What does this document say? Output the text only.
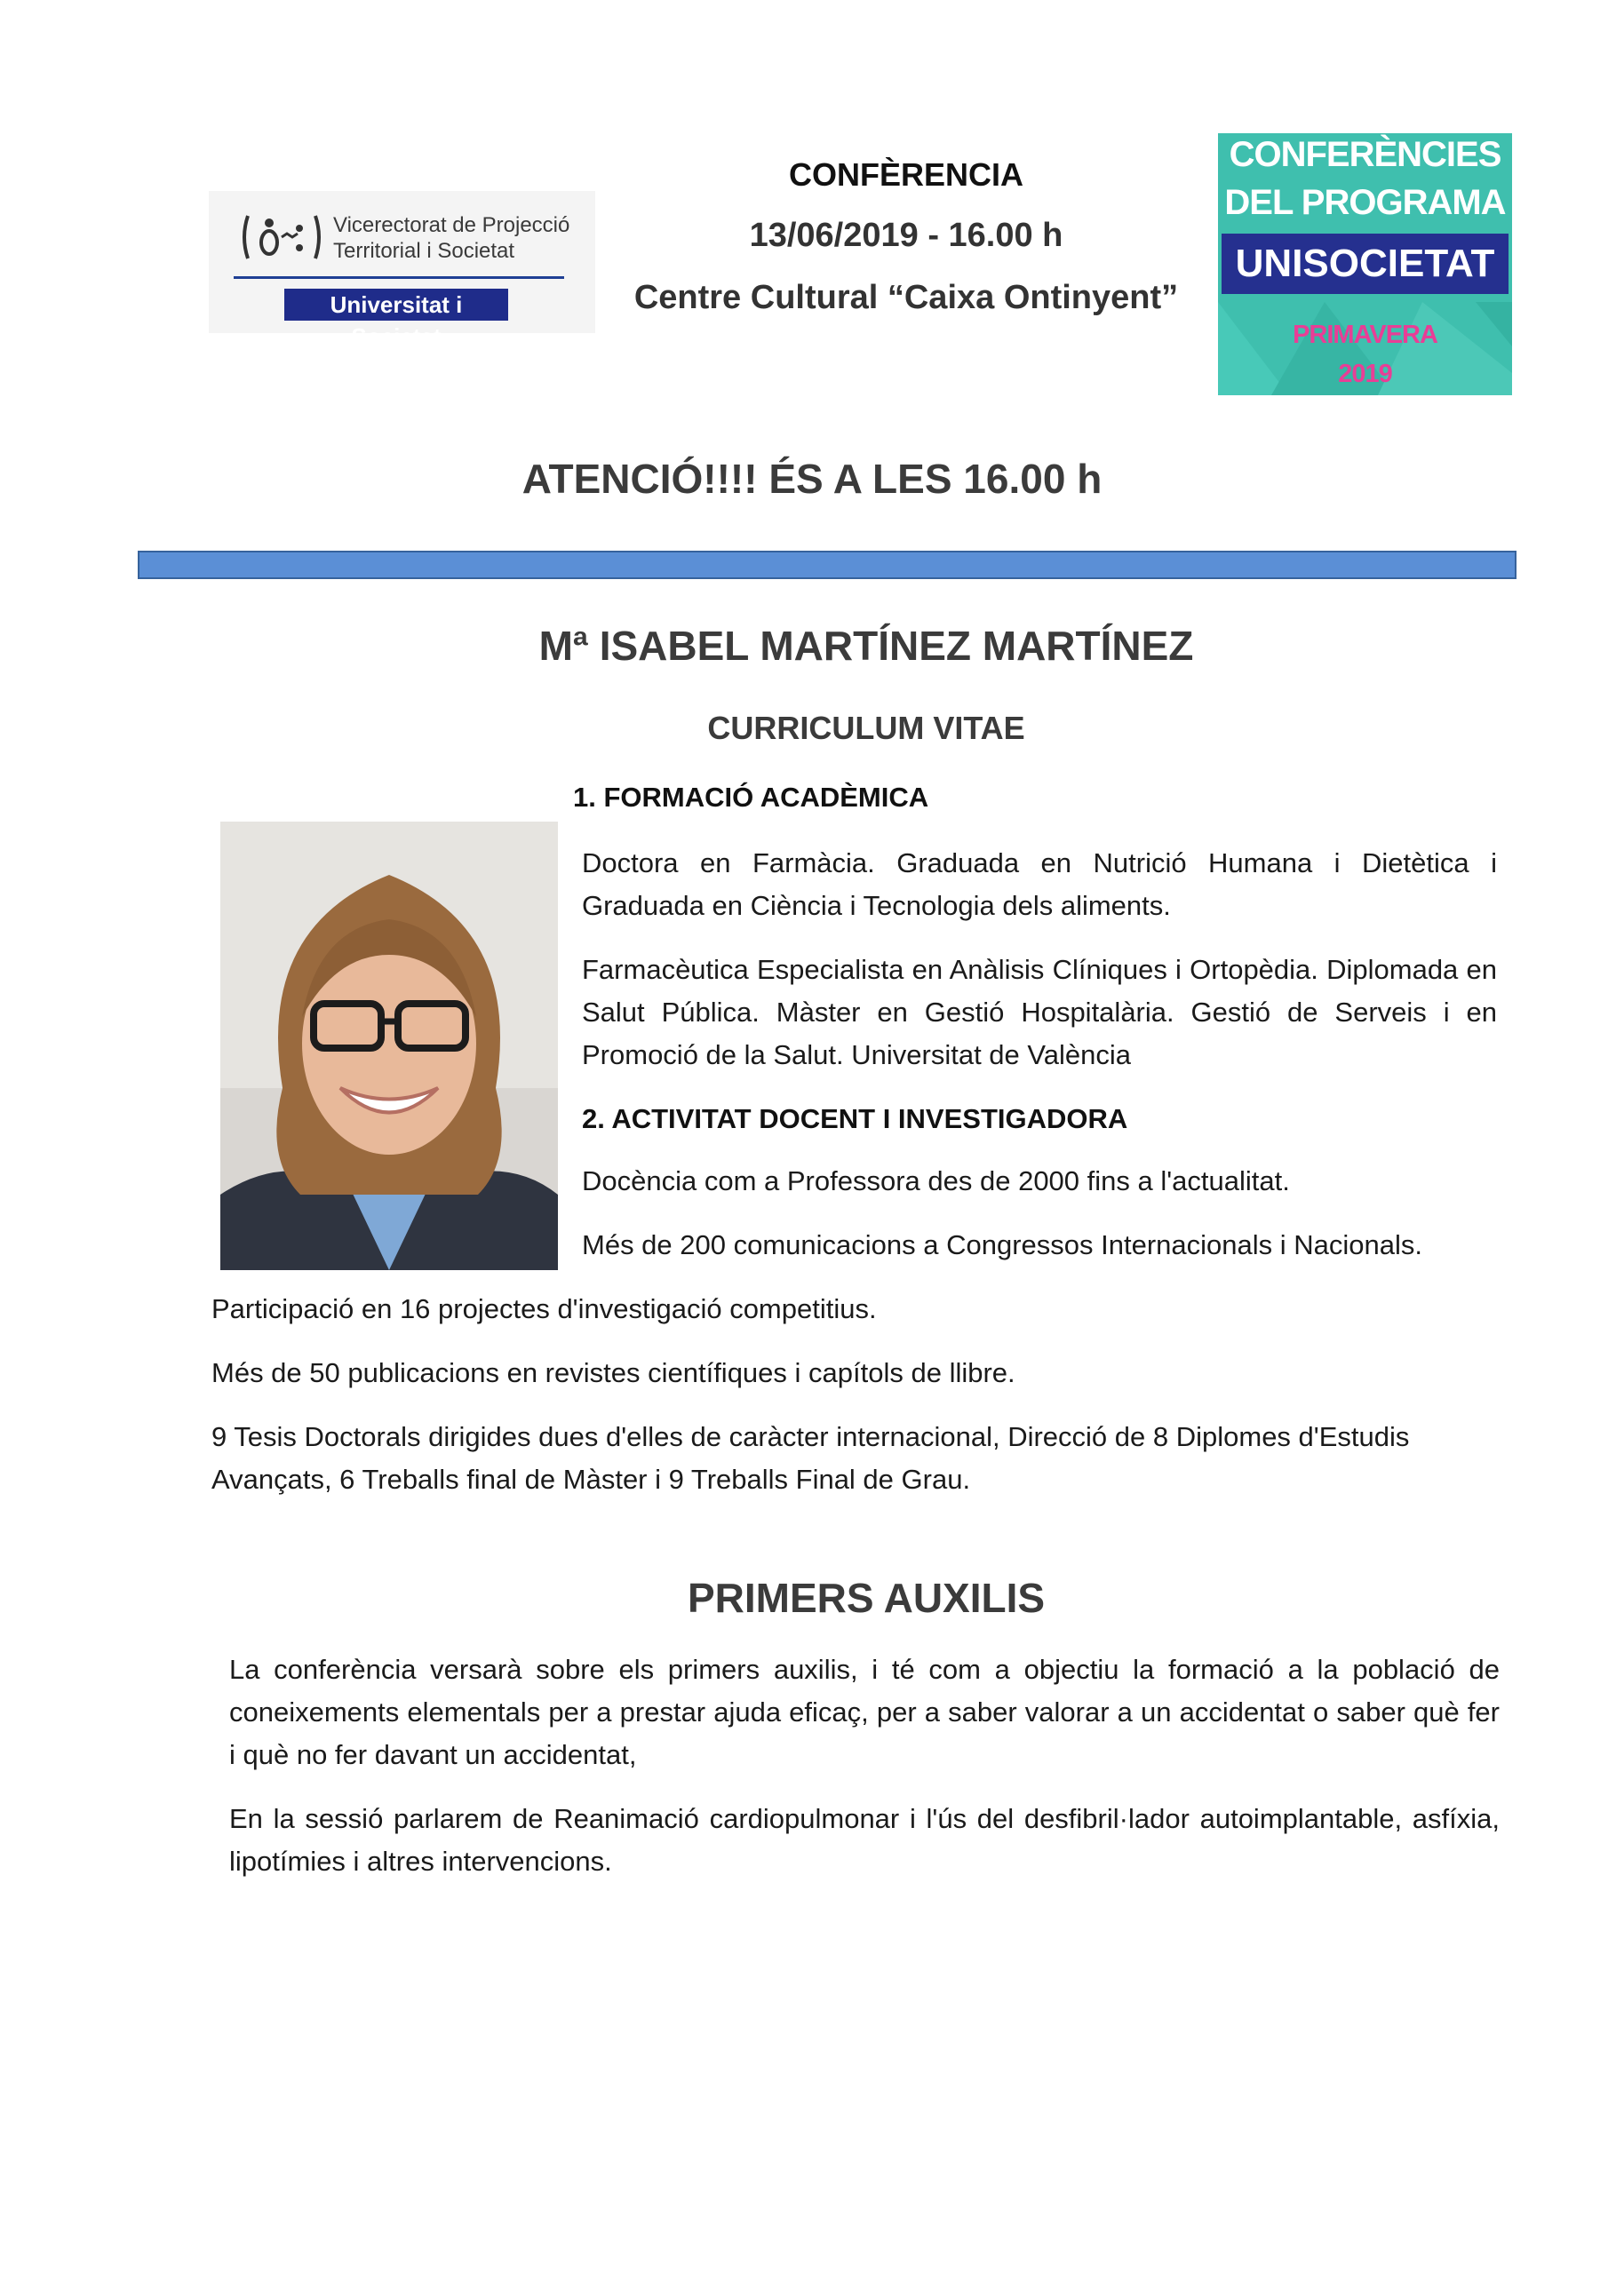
Vicerectorat de Projecció
Territorial i Societat
Universitat i Societat
CONFÈRENCIA
13/06/2019 - 16.00 h
Centre Cultural “Caixa Ontinyent”
CONFERÈNCIES
DEL PROGRAMA
UNISOCIETAT
PRIMAVERA
2019
ATENCIÓ!!!! ÉS A LES 16.00 h
Mª ISABEL MARTÍNEZ MARTÍNEZ
CURRICULUM VITAE
1. FORMACIÓ ACADÈMICA
Doctora en Farmàcia. Graduada en Nutrició Humana i Dietètica i Graduada en Ciència i Tecnologia dels aliments.
Farmacèutica Especialista en Anàlisis Clíniques i Ortopèdia. Diplomada en Salut Pública. Màster en Gestió Hospitalària. Gestió de Serveis i en Promoció de la Salut. Universitat de València
2. ACTIVITAT DOCENT I INVESTIGADORA
Docència com a Professora des de 2000 fins a l'actualitat.
Més de 200 comunicacions a Congressos Internacionals i Nacionals.
Participació en 16 projectes d'investigació competitius.
Més de 50 publicacions en revistes científiques i capítols de llibre.
9 Tesis Doctorals dirigides dues d'elles de caràcter internacional, Direcció de 8 Diplomes d'Estudis Avançats, 6 Treballs final de Màster i 9 Treballs Final de Grau.
PRIMERS AUXILIS
La conferència versarà sobre els primers auxilis, i té com a objectiu la formació a la població de coneixements elementals per a prestar ajuda eficaç, per a saber valorar a un accidentat o saber què fer i què no fer davant un accidentat,
En la sessió parlarem de Reanimació cardiopulmonar i l'ús del desfibril·lador autoimplantable, asfíxia, lipotímies i altres intervencions.
